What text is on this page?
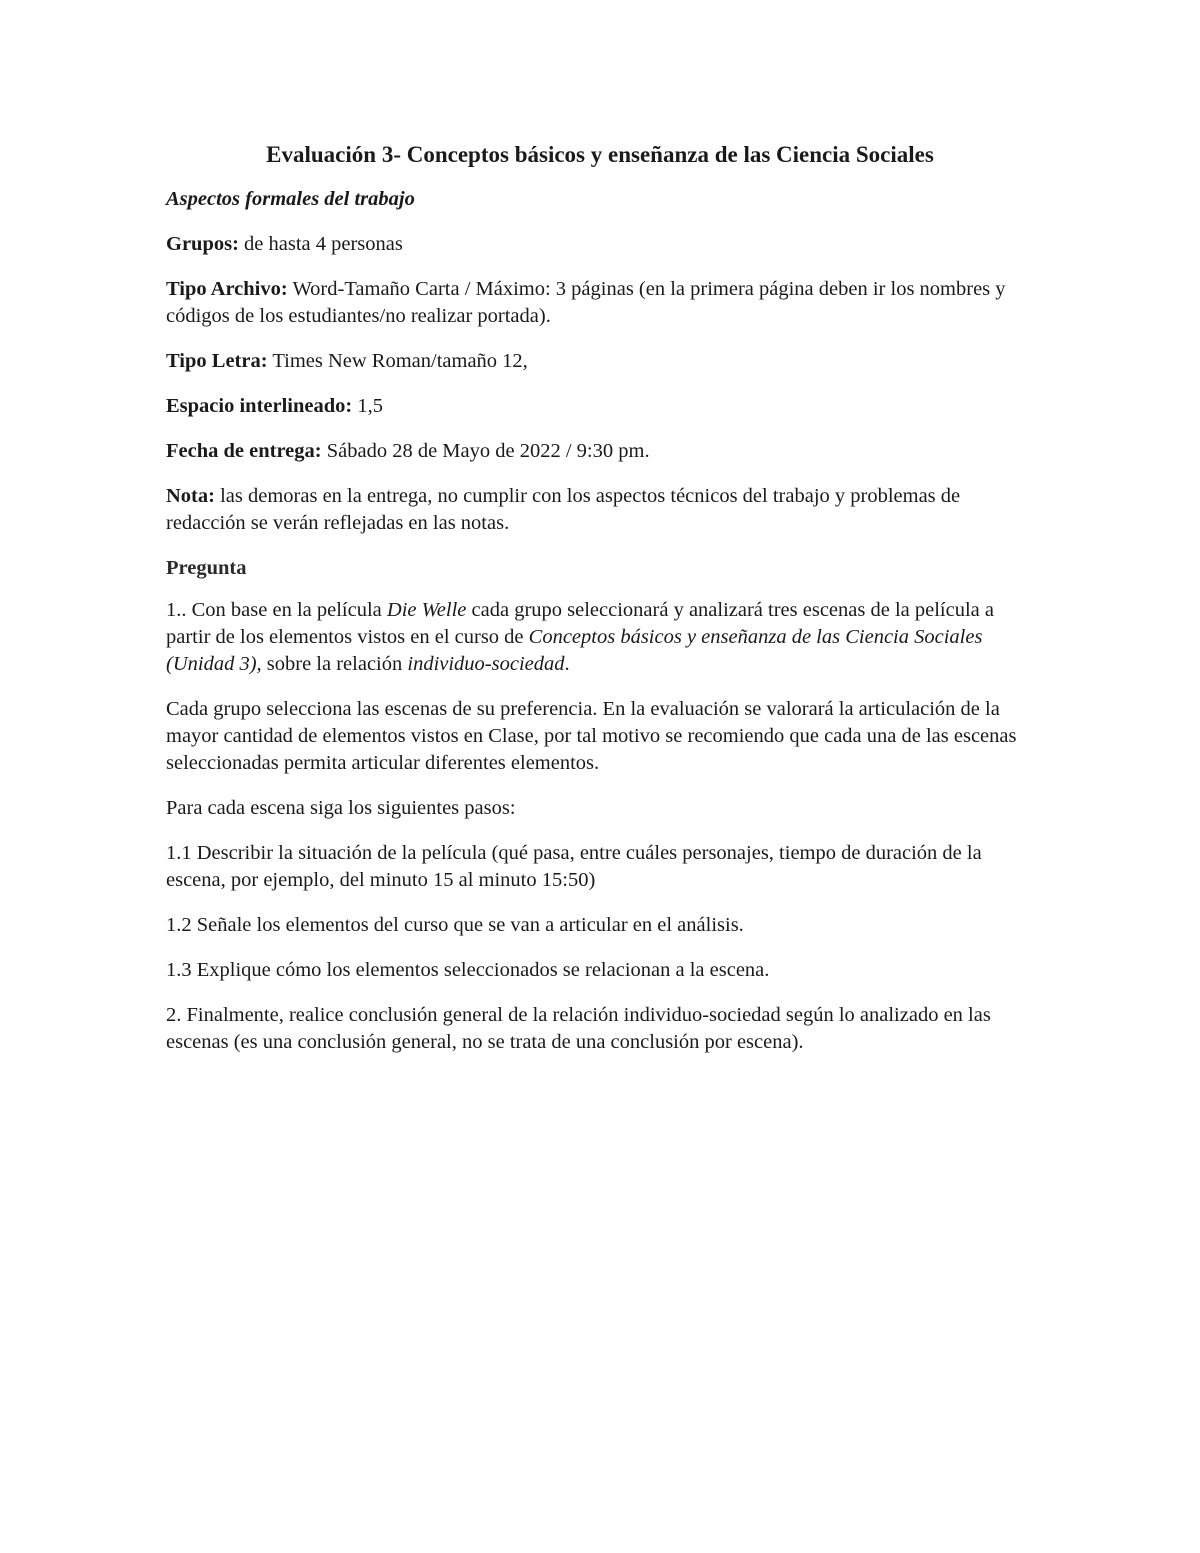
Evaluación 3- Conceptos básicos y enseñanza de las Ciencia Sociales
Aspectos formales del trabajo
Grupos: de hasta 4 personas
Tipo Archivo: Word-Tamaño Carta / Máximo: 3 páginas (en la primera página deben ir los nombres y códigos de los estudiantes/no realizar portada).
Tipo Letra: Times New Roman/tamaño 12,
Espacio interlineado: 1,5
Fecha de entrega: Sábado 28 de Mayo de 2022 / 9:30 pm.
Nota: las demoras en la entrega, no cumplir con los aspectos técnicos del trabajo y problemas de redacción se verán reflejadas en las notas.
Pregunta
1.. Con base en la película Die Welle cada grupo seleccionará y analizará tres escenas de la película a partir de los elementos vistos en el curso de Conceptos básicos y enseñanza de las Ciencia Sociales (Unidad 3), sobre la relación individuo-sociedad.
Cada grupo selecciona las escenas de su preferencia. En la evaluación se valorará la articulación de la mayor cantidad de elementos vistos en Clase, por tal motivo se recomiendo que cada una de las escenas seleccionadas permita articular diferentes elementos.
Para cada escena siga los siguientes pasos:
1.1 Describir la situación de la película (qué pasa, entre cuáles personajes, tiempo de duración de la escena, por ejemplo, del minuto 15 al minuto 15:50)
1.2 Señale los elementos del curso que se van a articular en el análisis.
1.3 Explique cómo los elementos seleccionados se relacionan a la escena.
2. Finalmente, realice conclusión general de la relación individuo-sociedad según lo analizado en las escenas (es una conclusión general, no se trata de una conclusión por escena).
